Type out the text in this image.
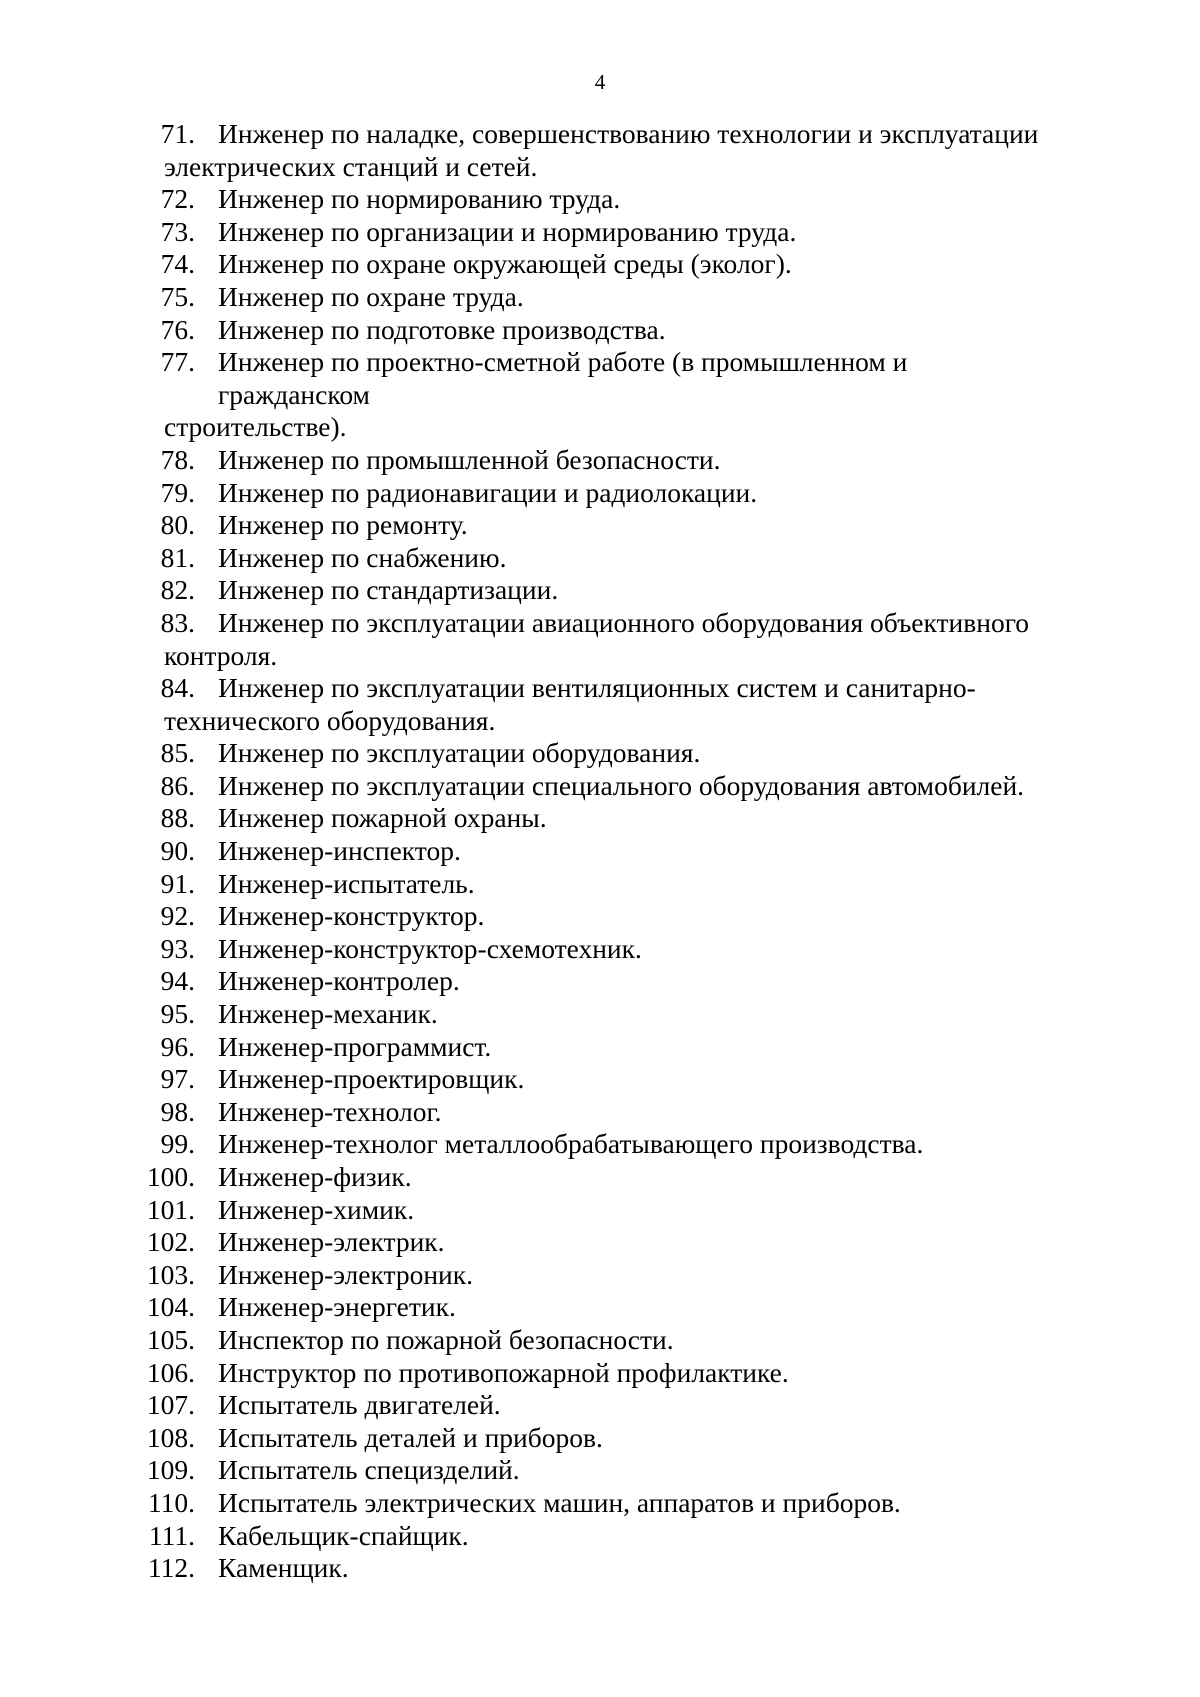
4
71. Инженер по наладке, совершенствованию технологии и эксплуатации
электрических станций и сетей.
72. Инженер по нормированию труда.
73. Инженер по организации и нормированию труда.
74. Инженер по охране окружающей среды (эколог).
75. Инженер по охране труда.
76. Инженер по подготовке производства.
77. Инженер по проектно-сметной работе (в промышленном и гражданском
строительстве).
78. Инженер по промышленной безопасности.
79. Инженер по радионавигации и радиолокации.
80. Инженер по ремонту.
81. Инженер по снабжению.
82. Инженер по стандартизации.
83. Инженер по эксплуатации авиационного оборудования объективного
контроля.
84. Инженер по эксплуатации вентиляционных систем и санитарно-
технического оборудования.
85. Инженер по эксплуатации оборудования.
86. Инженер по эксплуатации специального оборудования автомобилей.
88. Инженер пожарной охраны.
90. Инженер-инспектор.
91. Инженер-испытатель.
92. Инженер-конструктор.
93. Инженер-конструктор-схемотехник.
94. Инженер-контролер.
95. Инженер-механик.
96. Инженер-программист.
97. Инженер-проектировщик.
98. Инженер-технолог.
99. Инженер-технолог металлообрабатывающего производства.
100. Инженер-физик.
101. Инженер-химик.
102. Инженер-электрик.
103. Инженер-электроник.
104. Инженер-энергетик.
105. Инспектор по пожарной безопасности.
106. Инструктор по противопожарной профилактике.
107. Испытатель двигателей.
108. Испытатель деталей и приборов.
109. Испытатель специзделий.
110. Испытатель электрических машин, аппаратов и приборов.
111. Кабельщик-спайщик.
112. Каменщик.
